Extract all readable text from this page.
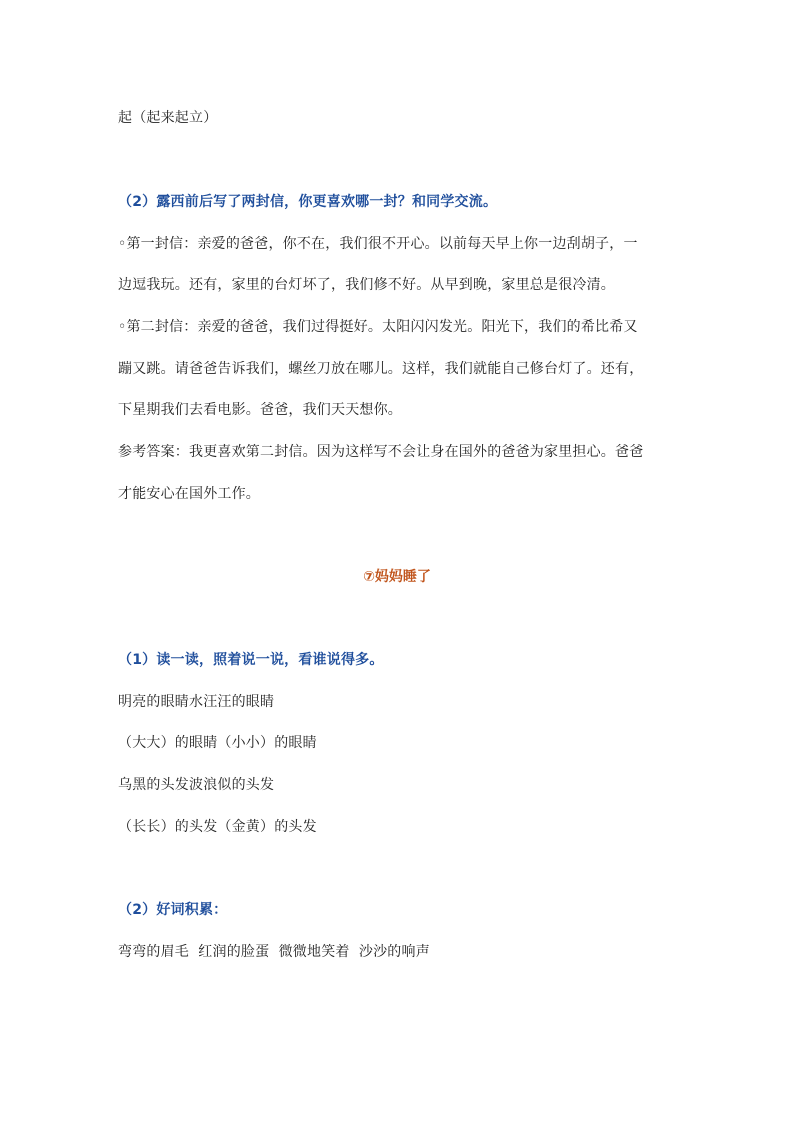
起（起来起立）
（2）露西前后写了两封信，你更喜欢哪一封？和同学交流。
◦第一封信：亲爱的爸爸，你不在，我们很不开心。以前每天早上你一边刮胡子，一
边逗我玩。还有，家里的台灯坏了，我们修不好。从早到晚，家里总是很冷清。
◦第二封信：亲爱的爸爸，我们过得挺好。太阳闪闪发光。阳光下，我们的希比希又
蹦又跳。请爸爸告诉我们，螺丝刀放在哪儿。这样，我们就能自己修台灯了。还有，
下星期我们去看电影。爸爸，我们天天想你。
参考答案：我更喜欢第二封信。因为这样写不会让身在国外的爸爸为家里担心。爸爸
才能安心在国外工作。
⑦妈妈睡了
（1）读一读，照着说一说，看谁说得多。
明亮的眼睛水汪汪的眼睛
（大大）的眼睛（小小）的眼睛
乌黑的头发波浪似的头发
（长长）的头发（金黄）的头发
（2）好词积累：
弯弯的眉毛  红润的脸蛋  微微地笑着  沙沙的响声
